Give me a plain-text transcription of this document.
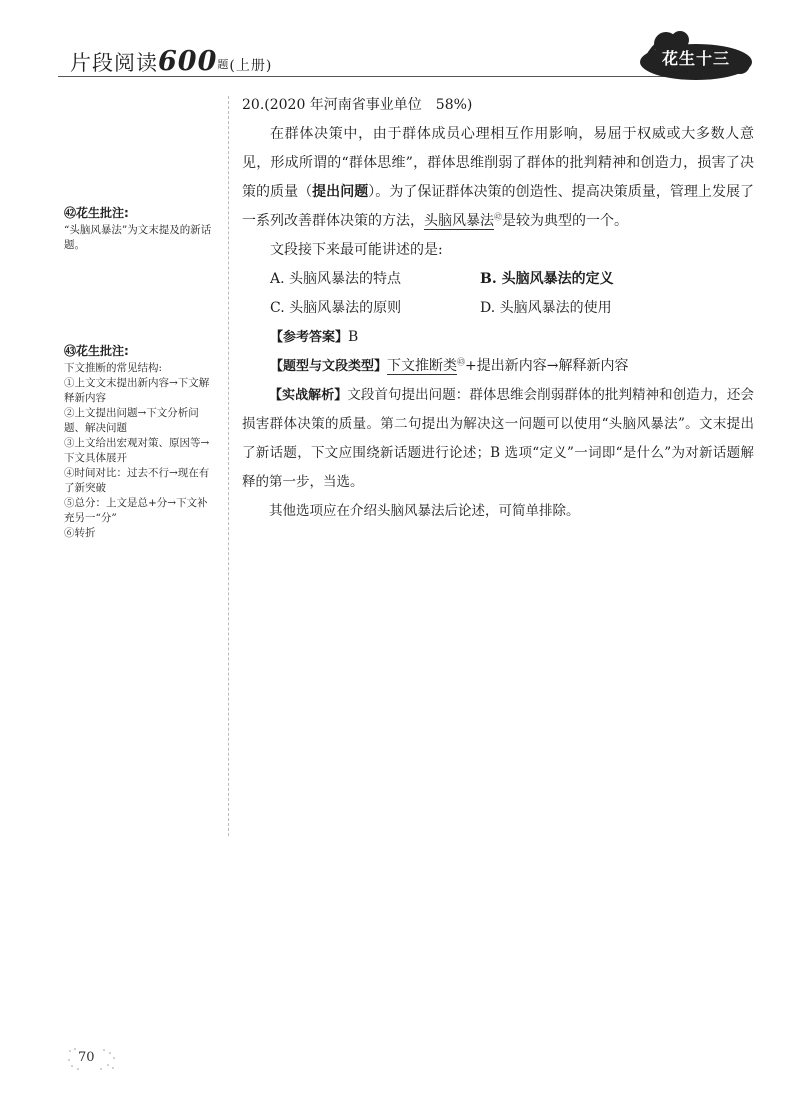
片段阅读600题(上册)	花生十三
㊷花生批注:

“头脑风暴法”为文末提及的新话题。

㊸花生批注:

下文推断的常见结构:

①上文文末提出新内容→下文解释新内容

②上文提出问题→下文分析问题、解决问题

③上文给出宏观对策、原因等→下文具体展开

④时间对比：过去不行→现在有了新突破

⑤总分：上文是总+分→下文补充另一“分”

⑥转折

20.(2020 年河南省事业单位　58%)

在群体决策中，由于群体成员心理相互作用影响，易屈于权威或大多数人意见，形成所谓的“群体思维”，群体思维削弱了群体的批判精神和创造力，损害了决策的质量（提出问题）。为了保证群体决策的创造性、提高决策质量，管理上发展了一系列改善群体决策的方法，头脑风暴法$^㊷$是较为典型的一个。

文段接下来最可能讲述的是:

A. 头脑风暴法的特点	B. 头脑风暴法的定义
C. 头脑风暴法的原则	D. 头脑风暴法的使用

【参考答案】B

【题型与文段类型】下文推断类$^㊸$+提出新内容→解释新内容

【实战解析】文段首句提出问题：群体思维会削弱群体的批判精神和创造力，还会损害群体决策的质量。第二句提出为解决这一问题可以使用“头脑风暴法”。文末提出了新话题，下文应围绕新话题进行论述；B 选项“定义”一词即“是什么”为对新话题解释的第一步，当选。

其他选项应在介绍头脑风暴法后论述，可简单排除。

70
